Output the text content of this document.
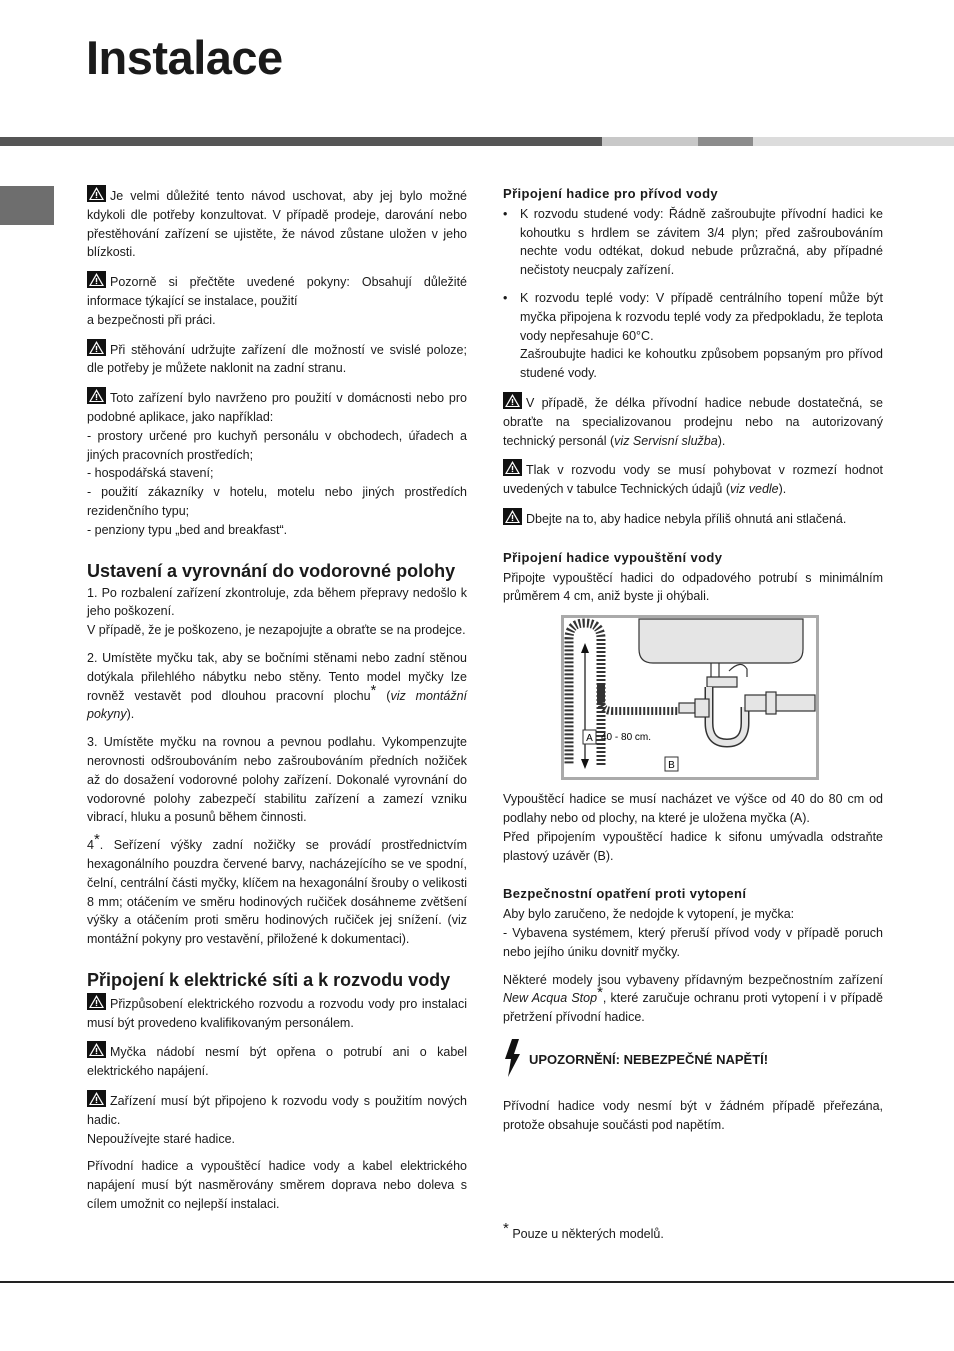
Instalace

Je velmi důležité tento návod uschovat, aby jej bylo možné kdykoli dle potřeby konzultovat. V případě prodeje, darování nebo přestěhování zařízení se ujistěte, že návod zůstane uložen v jeho blízkosti.

Pozorně si přečtěte uvedené pokyny: Obsahují důležité informace týkající se instalace, použití

a bezpečnosti při práci.

Při stěhování udržujte zařízení dle možností ve svislé poloze; dle potřeby je můžete naklonit na zadní stranu.

Toto zařízení bylo navrženo pro použití v domácnosti nebo pro podobné aplikace, jako například:

- prostory určené pro kuchyň personálu v obchodech, úřadech a jiných pracovních prostředích;

- hospodářská stavení;

- použití zákazníky v hotelu, motelu nebo jiných prostředích rezidenčního typu;

- penziony typu „bed and breakfast“.

Ustavení a vyrovnání do vodorovné polohy

1. Po rozbalení zařízení zkontroluje, zda během přepravy nedošlo k jeho poškození.

V případě, že je poškozeno, je nezapojujte a obraťte se na prodejce.

2. Umístěte myčku tak, aby se bočními stěnami nebo zadní stěnou dotýkala přilehlého nábytku nebo stěny. Tento model myčky lze rovněž vestavět pod dlouhou pracovní plochu* (viz montážní pokyny).

3. Umístěte myčku na rovnou a pevnou podlahu. Vykompenzujte nerovnosti odšroubováním nebo zašroubováním předních nožiček až do dosažení vodorovné polohy zařízení. Dokonalé vyrovnání do vodorovné polohy zabezpečí stabilitu zařízení a zamezí vzniku vibrací, hluku a posunů během činnosti.

4*. Seřízení výšky zadní nožičky se provádí prostřednictvím hexagonálního pouzdra červené barvy, nacházejícího se ve spodní, čelní, centrální části myčky, klíčem na hexagonální šrouby o velikosti 8 mm; otáčením ve směru hodinových ručiček dosáhneme zvětšení výšky a otáčením proti směru hodinových ručiček jej snížení. (viz montážní pokyny pro vestavění, přiložené k dokumentaci).

Připojení k elektrické síti a k rozvodu vody

Přizpůsobení elektrického rozvodu a rozvodu vody pro instalaci musí být provedeno kvalifikovaným personálem.

Myčka nádobí nesmí být opřena o potrubí ani o kabel elektrického napájení.

Zařízení musí být připojeno k rozvodu vody s použitím nových hadic.

Nepoužívejte staré hadice.

Přívodní hadice a vypouštěcí hadice vody a kabel elektrického napájení musí být nasměrovány směrem doprava nebo doleva s cílem umožnit co nejlepší instalaci.

Připojení hadice pro přívod vody
•	K rozvodu studené vody: Řádně zašroubujte přívodní hadici ke kohoutku s hrdlem se závitem 3/4 plyn; před zašroubováním nechte vodu odtékat, dokud nebude průzračná, aby případné nečistoty neucpaly zařízení.
•	K rozvodu teplé vody: V případě centrálního topení může být myčka připojena k rozvodu teplé vody za předpokladu, že teplota vody nepřesahuje 60°C.
Zašroubujte hadici ke kohoutku způsobem popsaným pro přívod studené vody.

V případě, že délka přívodní hadice nebude dostatečná, se obraťte na specializovanou prodejnu nebo na autorizovaný technický personál (viz Servisní služba).

Tlak v rozvodu vody se musí pohybovat v rozmezí hodnot uvedených v tabulce Technických údajů (viz vedle).

Dbejte na to, aby hadice nebyla příliš ohnutá ani stlačená.

Připojení hadice vypouštění vody

Připojte vypouštěcí hadici do odpadového potrubí s minimálním průměrem 4 cm, aniž byste ji ohýbali.

A 40 - 80 cm.
B

Vypouštěcí hadice se musí nacházet ve výšce od 40 do 80 cm od podlahy nebo od plochy, na které je uložena myčka (A).

Před připojením vypouštěcí hadice k sifonu umývadla odstraňte plastový uzávěr (B).

Bezpečnostní opatření proti vytopení

Aby bylo zaručeno, že nedojde k vytopení, je myčka:

- Vybavena systémem, který přeruší přívod vody v případě poruch nebo jejího úniku dovnitř myčky.

Některé modely jsou vybaveny přídavným bezpečnostním zařízení New Acqua Stop*, které zaručuje ochranu proti vytopení i v případě přetržení přívodní hadice.

UPOZORNĚNÍ: NEBEZPEČNÉ NAPĚTÍ!

Přívodní hadice vody nesmí být v žádném případě přeřezána, protože obsahuje součásti pod napětím.

* Pouze u některých modelů.
